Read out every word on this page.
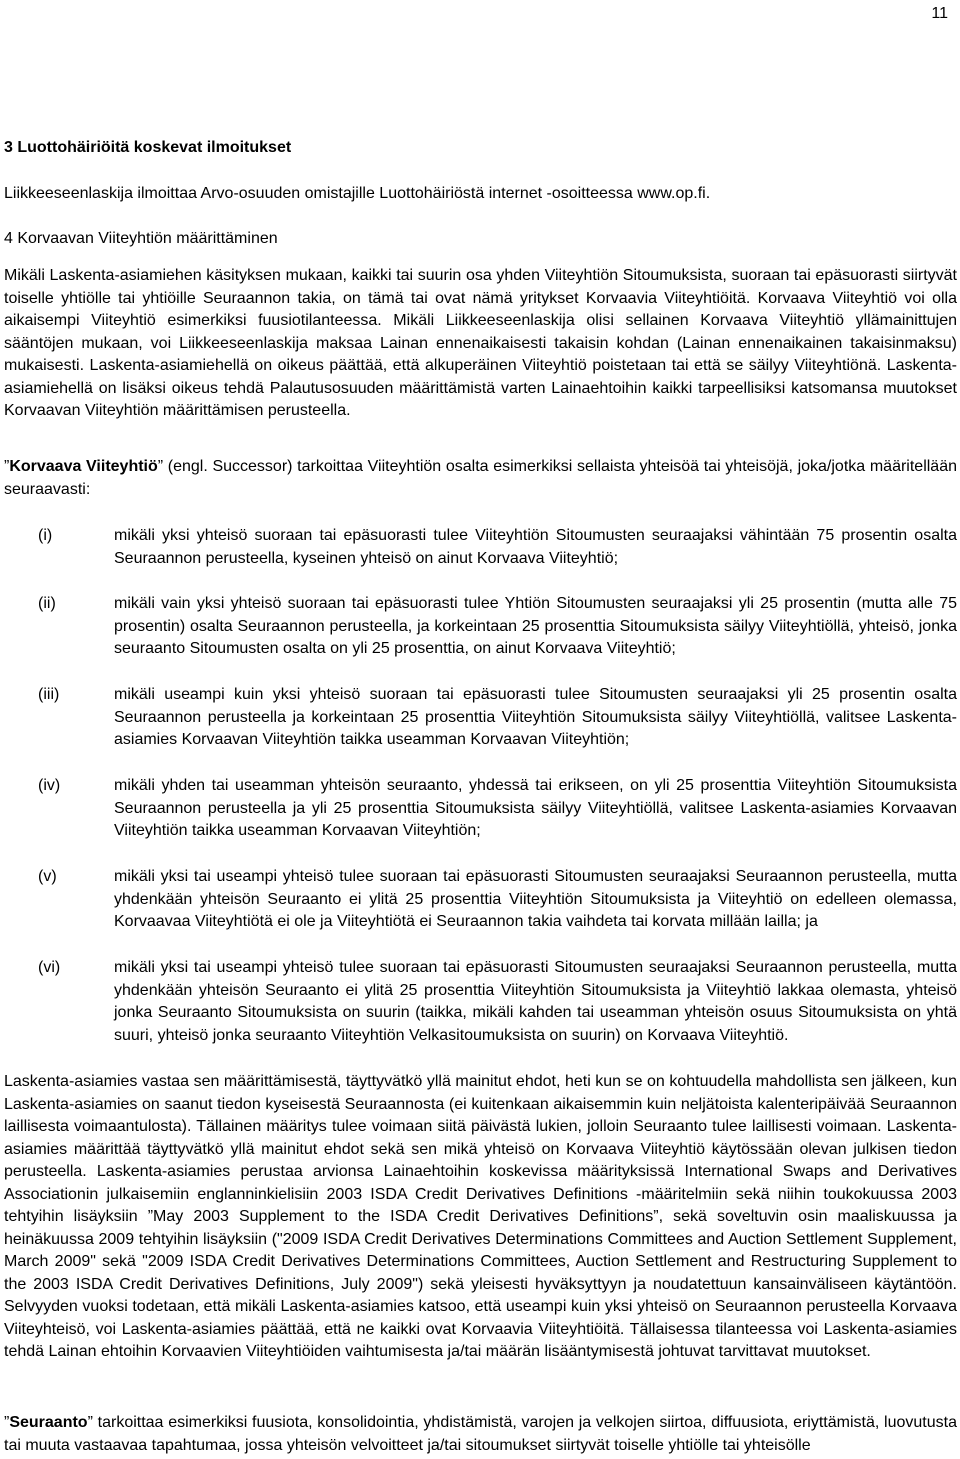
11
3 Luottohäiriöitä koskevat ilmoitukset

Liikkeeseenlaskija ilmoittaa Arvo-osuuden omistajille Luottohäiriöstä internet -osoitteessa www.op.fi.

4 Korvaavan Viiteyhtiön määrittäminen

Mikäli Laskenta-asiamiehen käsityksen mukaan, kaikki tai suurin osa yhden Viiteyhtiön Sitoumuksista, suoraan tai epäsuorasti siirtyvät toiselle yhtiölle tai yhtiöille Seuraannon takia, on tämä tai ovat nämä yritykset Korvaavia Viiteyhtiöitä. Korvaava Viiteyhtiö voi olla aikaisempi Viiteyhtiö esimerkiksi fuusiotilanteessa. Mikäli Liikkeeseenlaskija olisi sellainen Korvaava Viiteyhtiö yllämainittujen sääntöjen mukaan, voi Liikkeeseenlaskija maksaa Lainan ennenaikaisesti takaisin kohdan (Lainan ennenaikainen takaisinmaksu) mukaisesti. Laskenta-asiamiehellä on oikeus päättää, että alkuperäinen Viiteyhtiö poistetaan tai että se säilyy Viiteyhtiönä. Laskenta-asiamiehellä on lisäksi oikeus tehdä Palautusosuuden määrittämistä varten Lainaehtoihin kaikki tarpeellisiksi katsomansa muutokset Korvaavan Viiteyhtiön määrittämisen perusteella.

”Korvaava Viiteyhtiö” (engl. Successor) tarkoittaa Viiteyhtiön osalta esimerkiksi sellaista yhteisöä tai yhteisöjä, joka/jotka määritellään seuraavasti:

(i)	mikäli yksi yhteisö suoraan tai epäsuorasti tulee Viiteyhtiön Sitoumusten seuraajaksi vähintään 75 prosentin osalta Seuraannon perusteella, kyseinen yhteisö on ainut Korvaava Viiteyhtiö;
(ii)	mikäli vain yksi yhteisö suoraan tai epäsuorasti tulee Yhtiön Sitoumusten seuraajaksi yli 25 prosentin (mutta alle 75 prosentin) osalta Seuraannon perusteella, ja korkeintaan 25 prosenttia Sitoumuksista säilyy Viiteyhtiöllä, yhteisö, jonka seuraanto Sitoumusten osalta on yli 25 prosenttia, on ainut Korvaava Viiteyhtiö;
(iii)	mikäli useampi kuin yksi yhteisö suoraan tai epäsuorasti tulee Sitoumusten seuraajaksi yli 25 prosentin osalta Seuraannon perusteella ja korkeintaan 25 prosenttia Viiteyhtiön Sitoumuksista säilyy Viiteyhtiöllä, valitsee Laskenta-asiamies Korvaavan Viiteyhtiön taikka useamman Korvaavan Viiteyhtiön;
(iv)	mikäli yhden tai useamman yhteisön seuraanto, yhdessä tai erikseen, on yli 25 prosenttia Viiteyhtiön Sitoumuksista Seuraannon perusteella ja yli 25 prosenttia Sitoumuksista säilyy Viiteyhtiöllä, valitsee Laskenta-asiamies Korvaavan Viiteyhtiön taikka useamman Korvaavan Viiteyhtiön;
(v)	mikäli yksi tai useampi yhteisö tulee suoraan tai epäsuorasti Sitoumusten seuraajaksi Seuraannon perusteella, mutta yhdenkään yhteisön Seuraanto ei ylitä 25 prosenttia Viiteyhtiön Sitoumuksista ja Viiteyhtiö on edelleen olemassa, Korvaavaa Viiteyhtiötä ei ole ja Viiteyhtiötä ei Seuraannon takia vaihdeta tai korvata millään lailla; ja
(vi)	mikäli yksi tai useampi yhteisö tulee suoraan tai epäsuorasti Sitoumusten seuraajaksi Seuraannon perusteella, mutta yhdenkään yhteisön Seuraanto ei ylitä 25 prosenttia Viiteyhtiön Sitoumuksista ja Viiteyhtiö lakkaa olemasta, yhteisö jonka Seuraanto Sitoumuksista on suurin (taikka, mikäli kahden tai useamman yhteisön osuus Sitoumuksista on yhtä suuri, yhteisö jonka seuraanto Viiteyhtiön Velkasitoumuksista on suurin) on Korvaava Viiteyhtiö.

Laskenta-asiamies vastaa sen määrittämisestä, täyttyvätkö yllä mainitut ehdot, heti kun se on kohtuudella mahdollista sen jälkeen, kun Laskenta-asiamies on saanut tiedon kyseisestä Seuraannosta (ei kuitenkaan aikaisemmin kuin neljätoista kalenteripäivää Seuraannon laillisesta voimaantulosta). Tällainen määritys tulee voimaan siitä päivästä lukien, jolloin Seuraanto tulee laillisesti voimaan. Laskenta-asiamies määrittää täyttyvätkö yllä mainitut ehdot sekä sen mikä yhteisö on Korvaava Viiteyhtiö käytössään olevan julkisen tiedon perusteella. Laskenta-asiamies perustaa arvionsa Lainaehtoihin koskevissa määrityksissä International Swaps and Derivatives Associationin julkaisemiin englanninkielisiin 2003 ISDA Credit Derivatives Definitions -määritelmiin sekä niihin toukokuussa 2003 tehtyihin lisäyksiin ”May 2003 Supplement to the ISDA Credit Derivatives Definitions”, sekä soveltuvin osin maaliskuussa ja heinäkuussa 2009 tehtyihin lisäyksiin ("2009 ISDA Credit Derivatives Determinations Committees and Auction Settlement Supplement, March 2009" sekä "2009 ISDA Credit Derivatives Determinations Committees, Auction Settlement and Restructuring Supplement to the 2003 ISDA Credit Derivatives Definitions, July 2009") sekä yleisesti hyväksyttyyn ja noudatettuun kansainväliseen käytäntöön. Selvyyden vuoksi todetaan, että mikäli Laskenta-asiamies katsoo, että useampi kuin yksi yhteisö on Seuraannon perusteella Korvaava Viiteyhteisö, voi Laskenta-asiamies päättää, että ne kaikki ovat Korvaavia Viiteyhtiöitä. Tällaisessa tilanteessa voi Laskenta-asiamies tehdä Lainan ehtoihin Korvaavien Viiteyhtiöiden vaihtumisesta ja/tai määrän lisääntymisestä johtuvat tarvittavat muutokset.

”Seuraanto” tarkoittaa esimerkiksi fuusiota, konsolidointia, yhdistämistä, varojen ja velkojen siirtoa, diffuusiota, eriyttämistä, luovutusta tai muuta vastaavaa tapahtumaa, jossa yhteisön velvoitteet ja/tai sitoumukset siirtyvät toiselle yhtiölle tai yhteisölle
